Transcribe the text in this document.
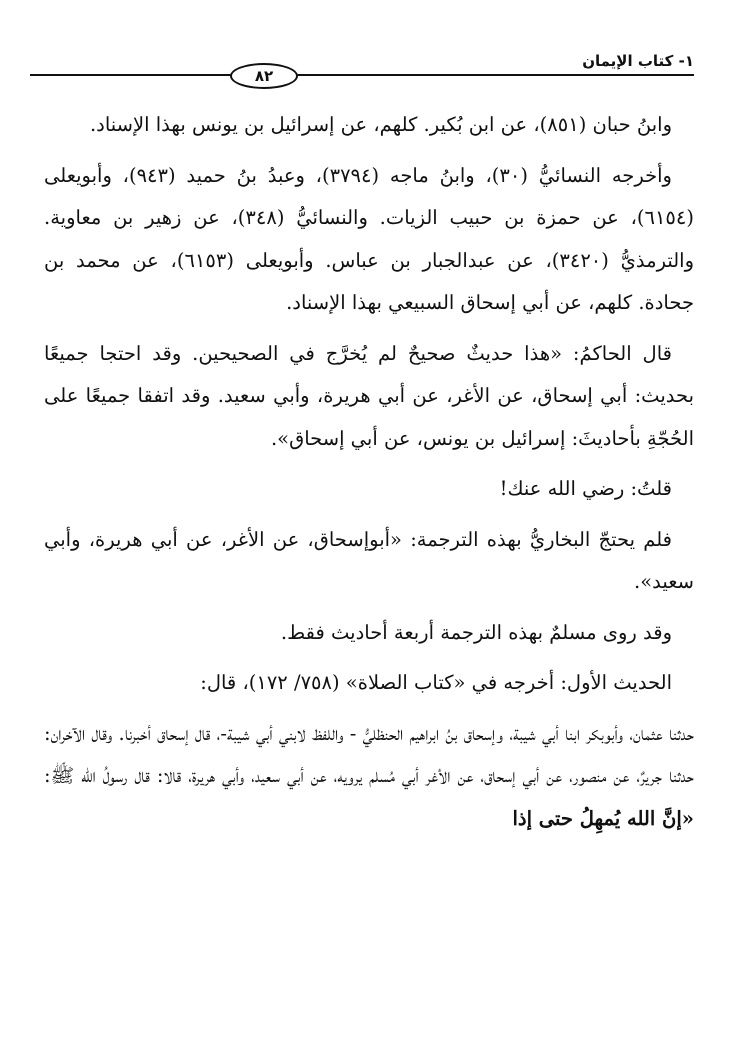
١- كتاب الإيمان
٨٢

وابنُ حبان (٨٥١)، عن ابن بُكير. كلهم، عن إسرائيل بن يونس بهذا الإسناد.

وأخرجه النسائيُّ (٣٠)، وابنُ ماجه (٣٧٩٤)، وعبدُ بنُ حميد (٩٤٣)، وأبويعلى (٦١٥٤)، عن حمزة بن حبيب الزيات. والنسائيُّ (٣٤٨)، عن زهير بن معاوية. والترمذيُّ (٣٤٢٠)، عن عبدالجبار بن عباس. وأبويعلى (٦١٥٣)، عن محمد بن جحادة. كلهم، عن أبي إسحاق السبيعي بهذا الإسناد.

قال الحاكمُ: «هذا حديثٌ صحيحٌ لم يُخرَّج في الصحيحين. وقد احتجا جميعًا بحديث: أبي إسحاق، عن الأغر، عن أبي هريرة، وأبي سعيد. وقد اتفقا جميعًا على الحُجّةِ بأحاديثَ: إسرائيل بن يونس، عن أبي إسحاق».

قلتُ: رضي الله عنك!

فلم يحتجّ البخاريُّ بهذه الترجمة: «أبوإسحاق، عن الأغر، عن أبي هريرة، وأبي سعيد».

وقد روى مسلمٌ بهذه الترجمة أربعة أحاديث فقط.

الحديث الأول: أخرجه في «كتاب الصلاة» (٧٥٨/ ١٧٢)، قال:

حدثنا عثمان، وأبوبكر ابنا أبي شيبة، وإسحاق بنُ ابراهيم الحنظليُّ - واللفظ لابني أبي شيبة-، قال إسحاق أخبرنا. وقال الآخران: حدثنا جريرٌ، عن منصور، عن أبي إسحاق، عن الأغر أبي مُسلم يرويه، عن أبي سعيد، وأبي هريرة، قالا: قال رسولُ الله ﷺ: «إنَّ الله يُمهِلُ حتى إذا
